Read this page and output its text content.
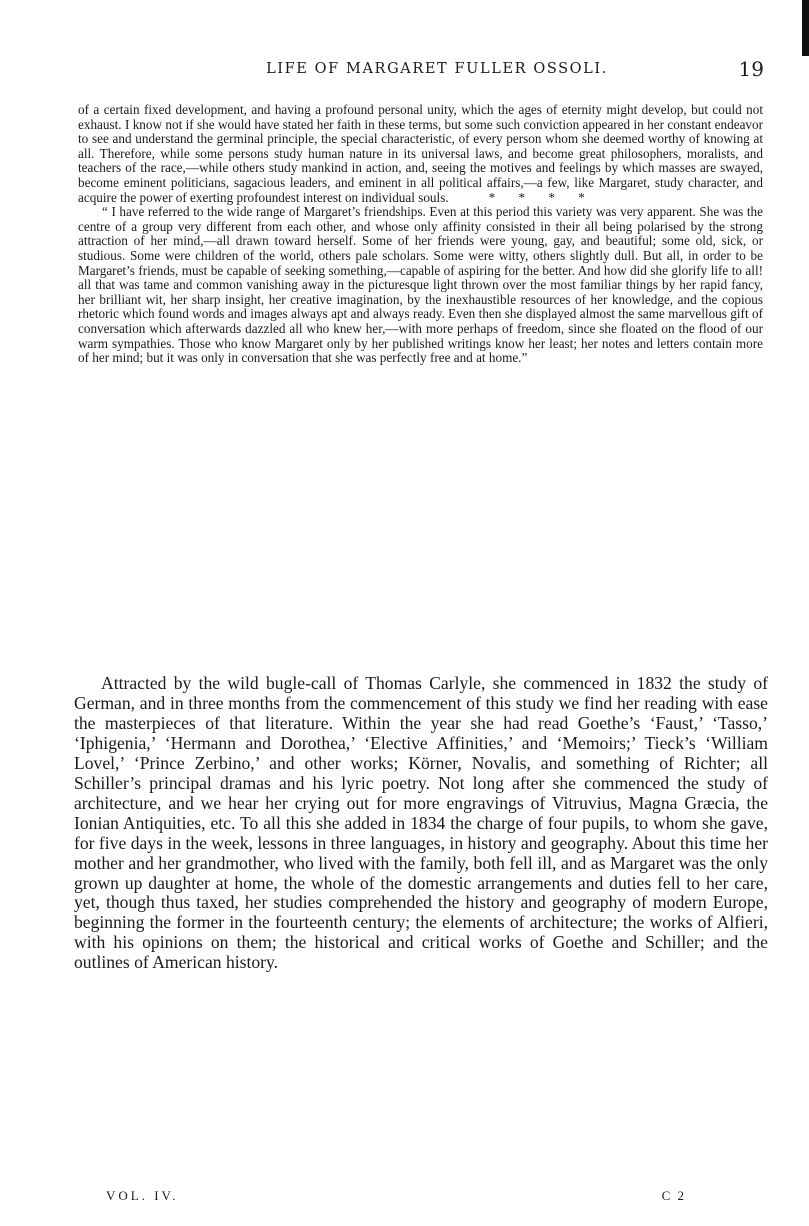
LIFE OF MARGARET FULLER OSSOLI.	19

of a certain fixed development, and having a profound personal unity, which the ages of eternity might develop, but could not exhaust. I know not if she would have stated her faith in these terms, but some such conviction appeared in her constant endeavor to see and understand the germinal principle, the special characteristic, of every person whom she deemed worthy of knowing at all. Therefore, while some persons study human nature in its universal laws, and become great philosophers, moralists, and teachers of the race,—while others study mankind in action, and, seeing the motives and feelings by which masses are swayed, become eminent politicians, sagacious leaders, and eminent in all political affairs,—a few, like Margaret, study character, and acquire the power of exerting profoundest interest on individual souls.	* * * *

“ I have referred to the wide range of Margaret’s friendships. Even at this period this variety was very apparent. She was the centre of a group very different from each other, and whose only affinity consisted in their all being polarised by the strong attraction of her mind,—all drawn toward herself. Some of her friends were young, gay, and beautiful; some old, sick, or studious. Some were children of the world, others pale scholars. Some were witty, others slightly dull. But all, in order to be Margaret’s friends, must be capable of seeking something,—capable of aspiring for the better. And how did she glorify life to all! all that was tame and common vanishing away in the picturesque light thrown over the most familiar things by her rapid fancy, her brilliant wit, her sharp insight, her creative imagination, by the inexhaustible resources of her knowledge, and the copious rhetoric which found words and images always apt and always ready. Even then she displayed almost the same marvellous gift of conversation which afterwards dazzled all who knew her,—with more perhaps of freedom, since she floated on the flood of our warm sympathies. Those who know Margaret only by her published writings know her least; her notes and letters contain more of her mind; but it was only in conversation that she was perfectly free and at home.”

Attracted by the wild bugle-call of Thomas Carlyle, she commenced in 1832 the study of German, and in three months from the commencement of this study we find her reading with ease the masterpieces of that literature. Within the year she had read Goethe’s ‘Faust,’ ‘Tasso,’ ‘Iphigenia,’ ‘Hermann and Dorothea,’ ‘Elective Affinities,’ and ‘Memoirs;’ Tieck’s ‘William Lovel,’ ‘Prince Zerbino,’ and other works; Körner, Novalis, and something of Richter; all Schiller’s principal dramas and his lyric poetry. Not long after she commenced the study of architecture, and we hear her crying out for more engravings of Vitruvius, Magna Græcia, the Ionian Antiquities, etc. To all this she added in 1834 the charge of four pupils, to whom she gave, for five days in the week, lessons in three languages, in history and geography. About this time her mother and her grandmother, who lived with the family, both fell ill, and as Margaret was the only grown up daughter at home, the whole of the domestic arrangements and duties fell to her care, yet, though thus taxed, her studies comprehended the history and geography of modern Europe, beginning the former in the fourteenth century; the elements of architecture; the works of Alfieri, with his opinions on them; the historical and critical works of Goethe and Schiller; and the outlines of American history.

VOL. IV.	C 2
